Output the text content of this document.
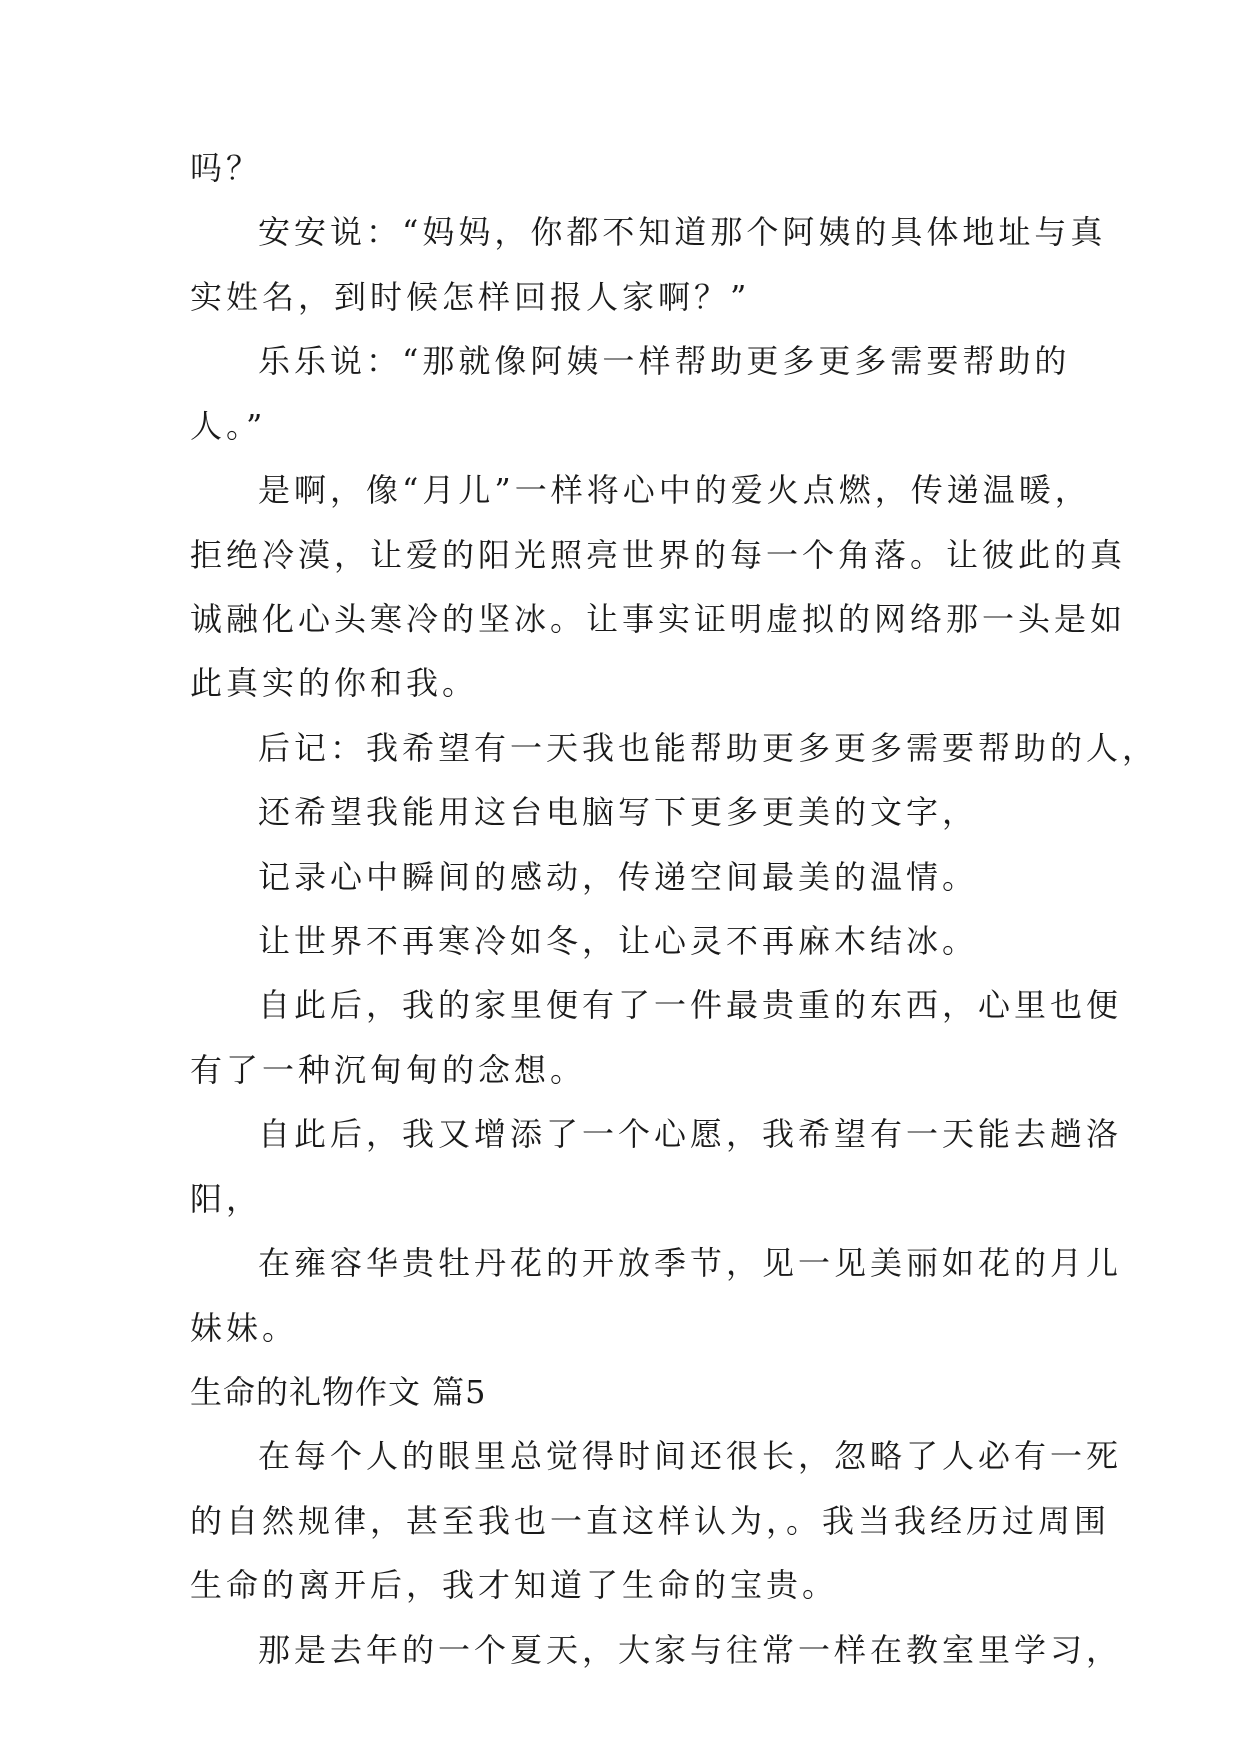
吗？
安安说：“妈妈，你都不知道那个阿姨的具体地址与真
实姓名，到时候怎样回报人家啊？”
乐乐说：“那就像阿姨一样帮助更多更多需要帮助的
人。”
是啊，像“月儿”一样将心中的爱火点燃，传递温暖，
拒绝冷漠，让爱的阳光照亮世界的每一个角落。让彼此的真
诚融化心头寒冷的坚冰。让事实证明虚拟的网络那一头是如
此真实的你和我。
后记：我希望有一天我也能帮助更多更多需要帮助的人，
还希望我能用这台电脑写下更多更美的文字，
记录心中瞬间的感动，传递空间最美的温情。
让世界不再寒冷如冬，让心灵不再麻木结冰。
自此后，我的家里便有了一件最贵重的东西，心里也便
有了一种沉甸甸的念想。
自此后，我又增添了一个心愿，我希望有一天能去趟洛
阳，
在雍容华贵牡丹花的开放季节，见一见美丽如花的月儿
妹妹。
生命的礼物作文 篇5
在每个人的眼里总觉得时间还很长，忽略了人必有一死
的自然规律，甚至我也一直这样认为，。我当我经历过周围
生命的离开后，我才知道了生命的宝贵。
那是去年的一个夏天，大家与往常一样在教室里学习，
